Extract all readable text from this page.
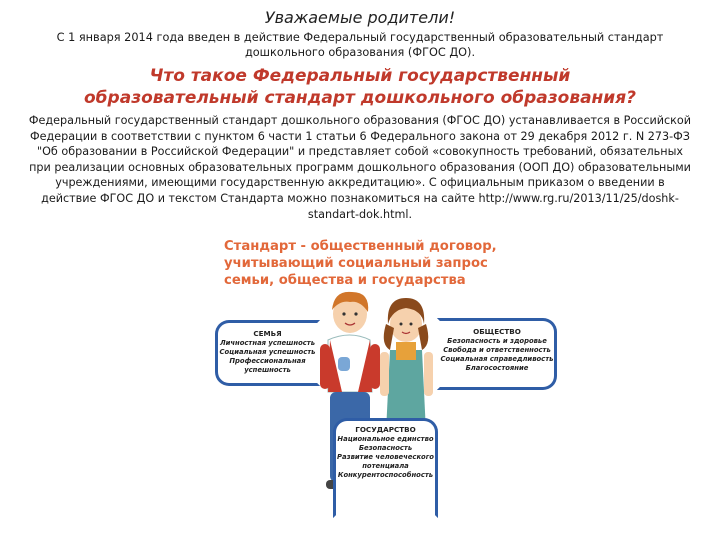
Уважаемые родители!
С 1 января 2014 года введен в действие Федеральный государственный образовательный стандарт дошкольного образования (ФГОС ДО).
Что такое Федеральный государственный образовательный стандарт дошкольного образования?
Федеральный государственный стандарт дошкольного образования (ФГОС ДО) устанавливается в Российской Федерации в соответствии с пунктом 6 части 1 статьи 6 Федерального закона от 29 декабря 2012 г. N 273-ФЗ "Об образовании в Российской Федерации" и представляет собой «совокупность требований, обязательных при реализации основных образовательных программ дошкольного образования (ООП ДО) образовательными учреждениями, имеющими государственную аккредитацию». С официальным приказом о введении в действие ФГОС ДО и текстом Стандарта можно познакомиться на сайте http://www.rg.ru/2013/11/25/doshk-standart-dok.html.
Стандарт - общественный договор, учитывающий социальный запрос семьи, общества и государства
СЕМЬЯ
Личностная успешность
Социальная успешность
Профессиональная успешность
ОБЩЕСТВО
Безопасность и здоровье
Свобода и ответственность
Социальная справедливость
Благосостояние
ГОСУДАРСТВО
Национальное единство
Безопасность
Развитие человеческого потенциала
Конкурентоспособность
